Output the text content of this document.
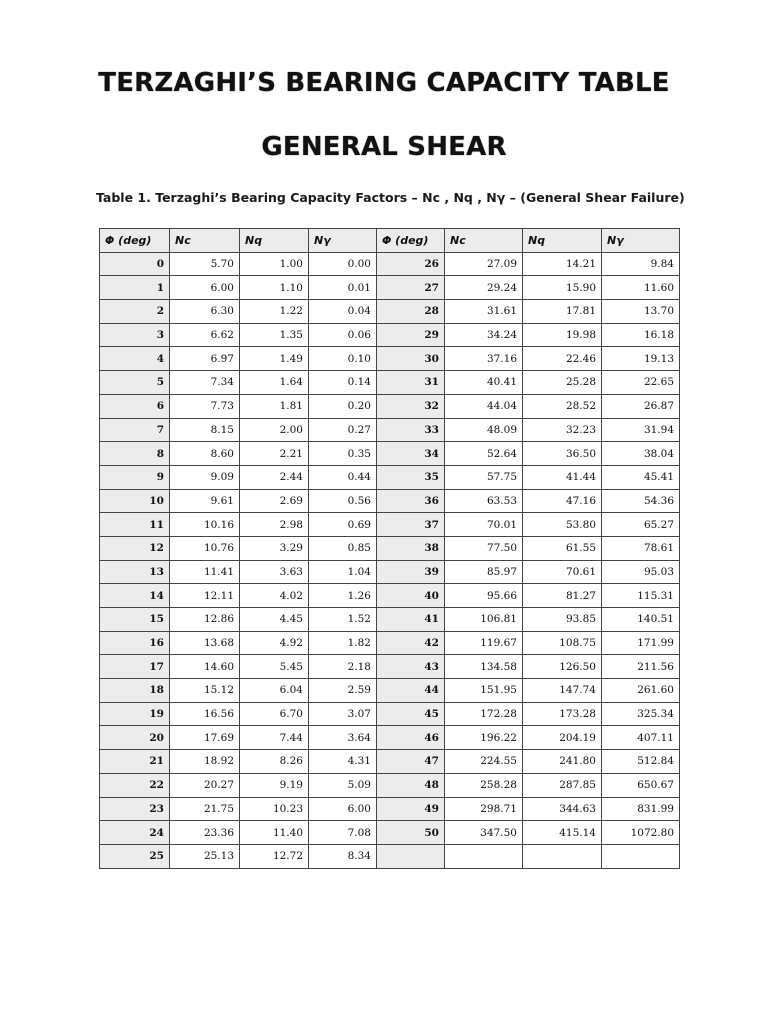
TERZAGHI’S BEARING CAPACITY TABLE
GENERAL SHEAR
Table 1. Terzaghi’s Bearing Capacity Factors – Nc , Nq , Nγ – (General Shear Failure)
Φ (deg)	Nc	Nq	Nγ	Φ (deg)	Nc	Nq	Nγ
0	5.70	1.00	0.00	26	27.09	14.21	9.84
1	6.00	1.10	0.01	27	29.24	15.90	11.60
2	6.30	1.22	0.04	28	31.61	17.81	13.70
3	6.62	1.35	0.06	29	34.24	19.98	16.18
4	6.97	1.49	0.10	30	37.16	22.46	19.13
5	7.34	1.64	0.14	31	40.41	25.28	22.65
6	7.73	1.81	0.20	32	44.04	28.52	26.87
7	8.15	2.00	0.27	33	48.09	32.23	31.94
8	8.60	2.21	0.35	34	52.64	36.50	38.04
9	9.09	2.44	0.44	35	57.75	41.44	45.41
10	9.61	2.69	0.56	36	63.53	47.16	54.36
11	10.16	2.98	0.69	37	70.01	53.80	65.27
12	10.76	3.29	0.85	38	77.50	61.55	78.61
13	11.41	3.63	1.04	39	85.97	70.61	95.03
14	12.11	4.02	1.26	40	95.66	81.27	115.31
15	12.86	4.45	1.52	41	106.81	93.85	140.51
16	13.68	4.92	1.82	42	119.67	108.75	171.99
17	14.60	5.45	2.18	43	134.58	126.50	211.56
18	15.12	6.04	2.59	44	151.95	147.74	261.60
19	16.56	6.70	3.07	45	172.28	173.28	325.34
20	17.69	7.44	3.64	46	196.22	204.19	407.11
21	18.92	8.26	4.31	47	224.55	241.80	512.84
22	20.27	9.19	5.09	48	258.28	287.85	650.67
23	21.75	10.23	6.00	49	298.71	344.63	831.99
24	23.36	11.40	7.08	50	347.50	415.14	1072.80
25	25.13	12.72	8.34				
